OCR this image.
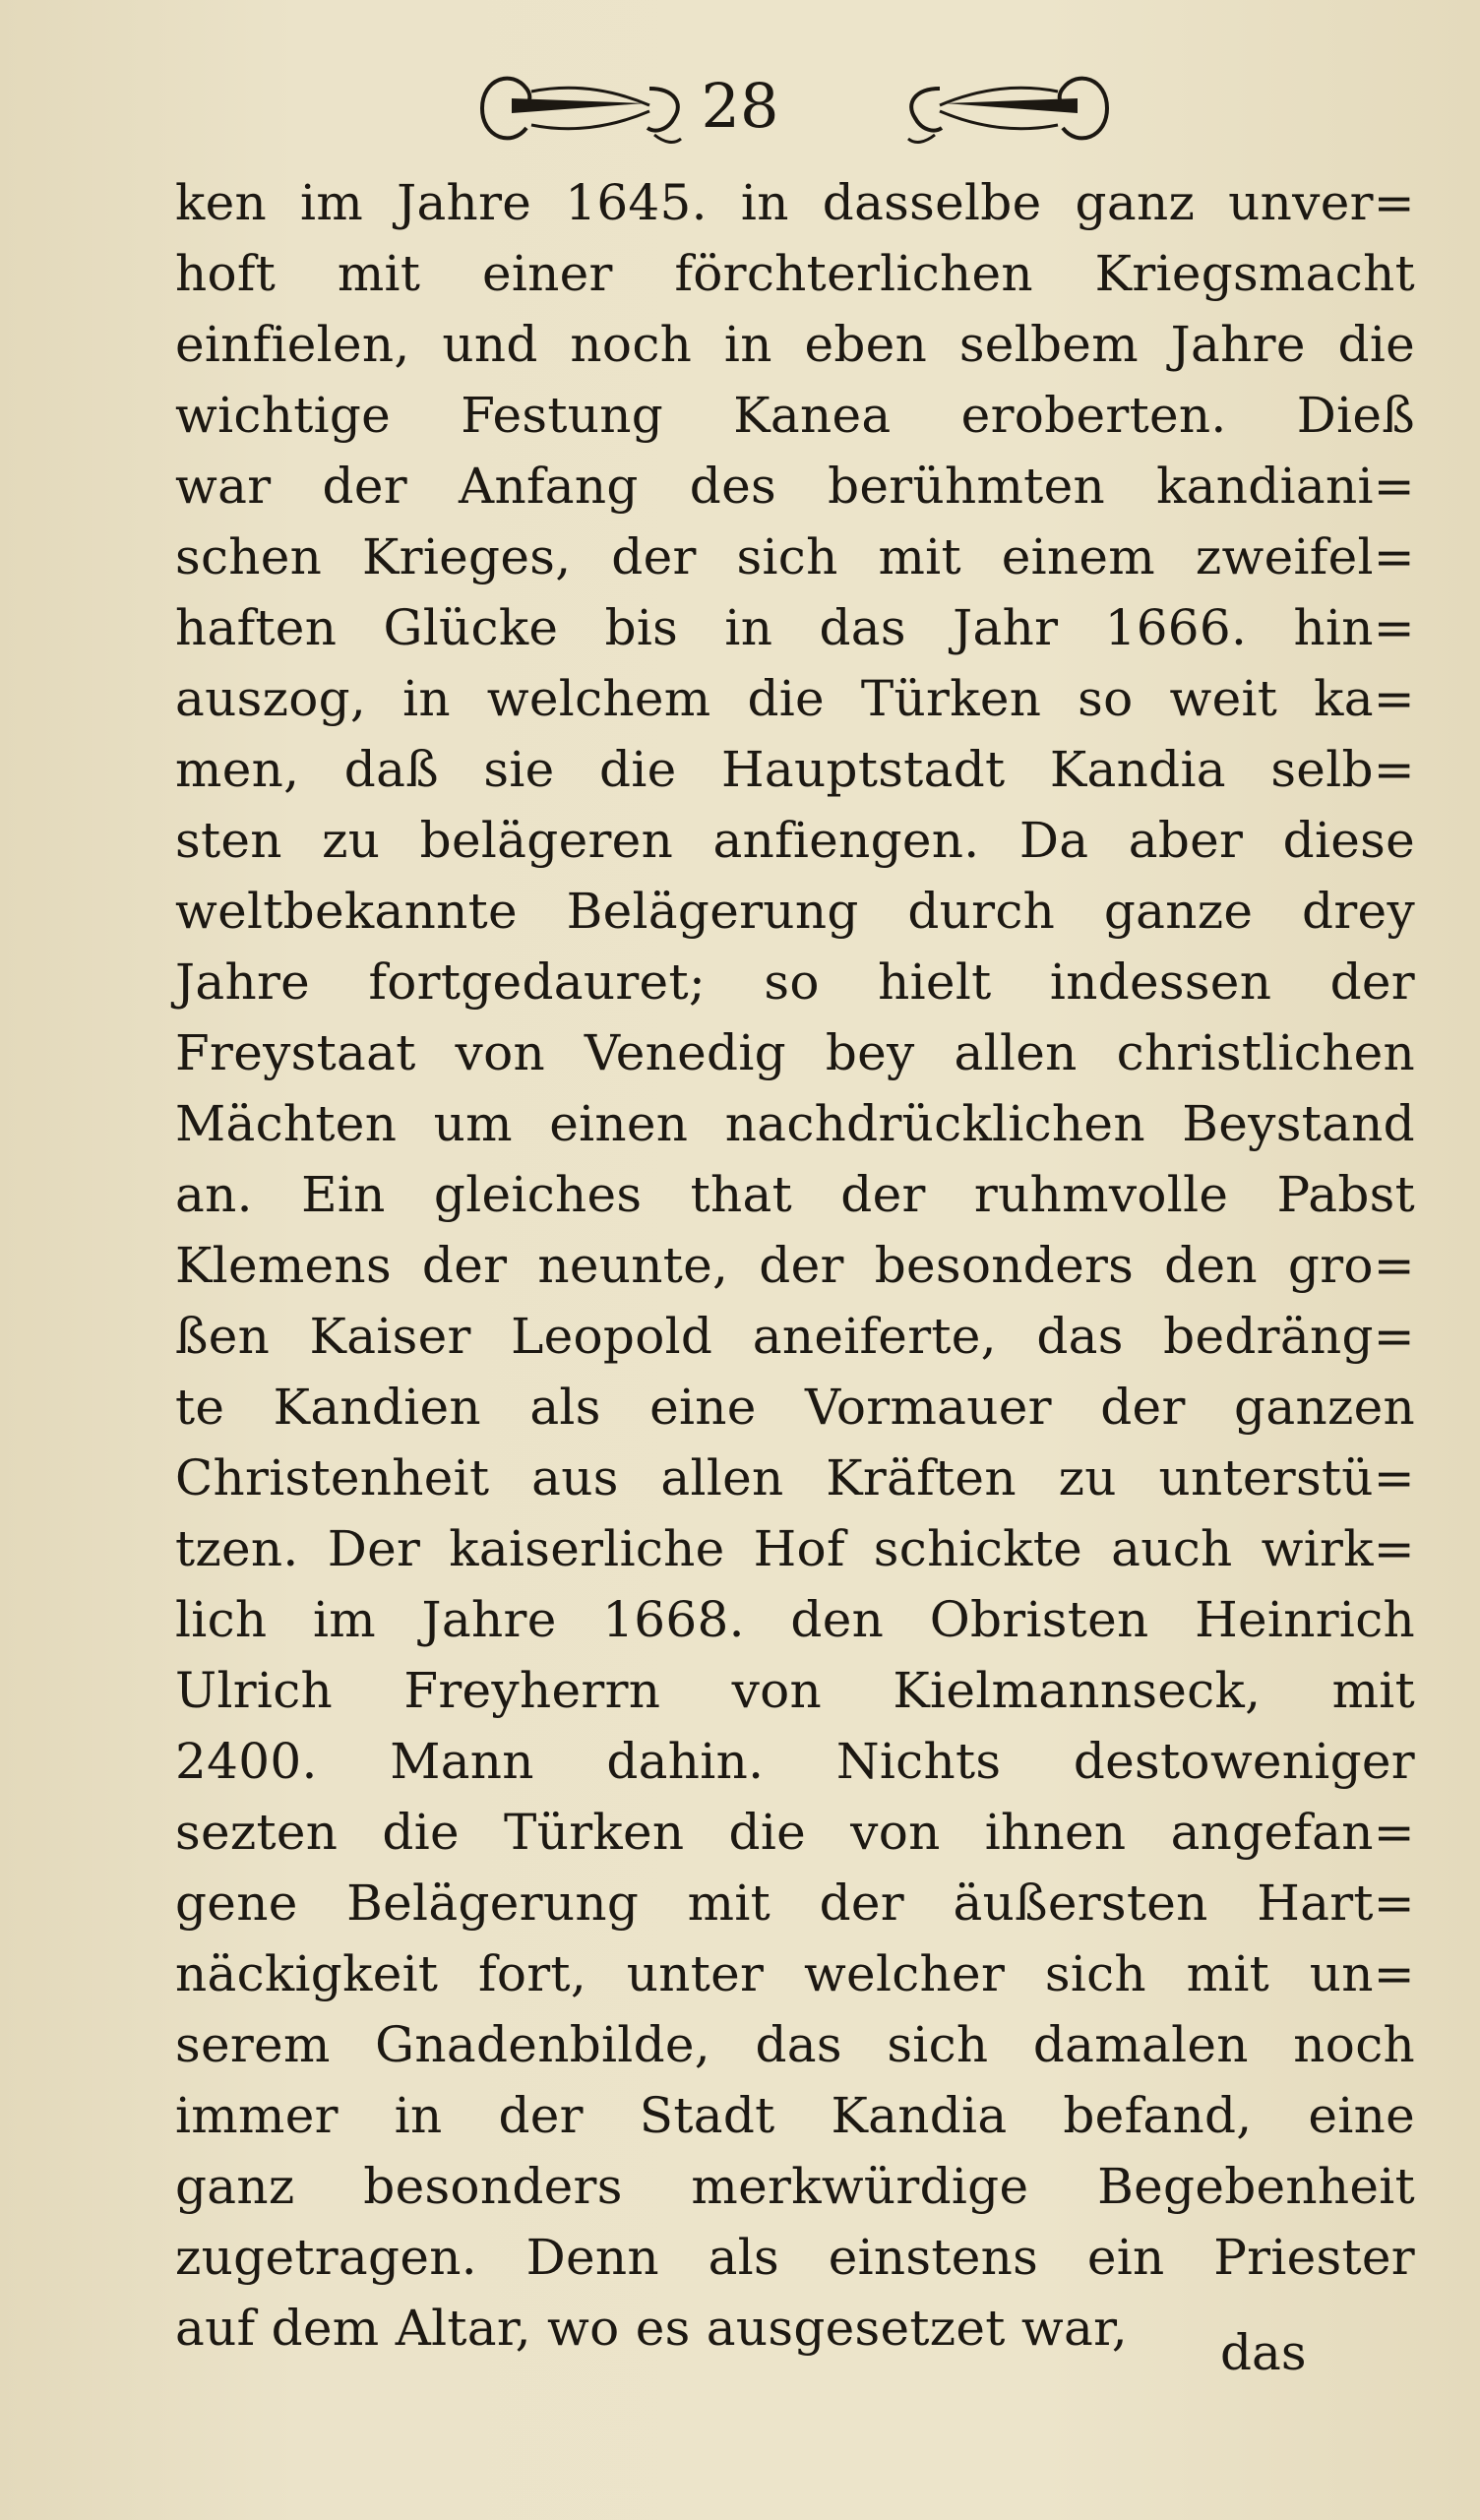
28
ken im Jahre 1645. in dasselbe ganz unver=
hoft mit einer förchterlichen Kriegsmacht
einfielen, und noch in eben selbem Jahre die
wichtige Festung Kanea eroberten. Dieß
war der Anfang des berühmten kandiani=
schen Krieges, der sich mit einem zweifel=
haften Glücke bis in das Jahr 1666. hin=
auszog, in welchem die Türken so weit ka=
men, daß sie die Hauptstadt Kandia selb=
sten zu belägeren anfiengen. Da aber diese
weltbekannte Belägerung durch ganze drey
Jahre fortgedauret; so hielt indessen der
Freystaat von Venedig bey allen christlichen
Mächten um einen nachdrücklichen Beystand
an. Ein gleiches that der ruhmvolle Pabst
Klemens der neunte, der besonders den gro=
ßen Kaiser Leopold aneiferte, das bedräng=
te Kandien als eine Vormauer der ganzen
Christenheit aus allen Kräften zu unterstü=
tzen. Der kaiserliche Hof schickte auch wirk=
lich im Jahre 1668. den Obristen Heinrich
Ulrich Freyherrn von Kielmannseck, mit
2400. Mann dahin. Nichts destoweniger
sezten die Türken die von ihnen angefan=
gene Belägerung mit der äußersten Hart=
näckigkeit fort, unter welcher sich mit un=
serem Gnadenbilde, das sich damalen noch
immer in der Stadt Kandia befand, eine
ganz besonders merkwürdige Begebenheit
zugetragen. Denn als einstens ein Priester
auf dem Altar, wo es ausgesetzet war,	das
